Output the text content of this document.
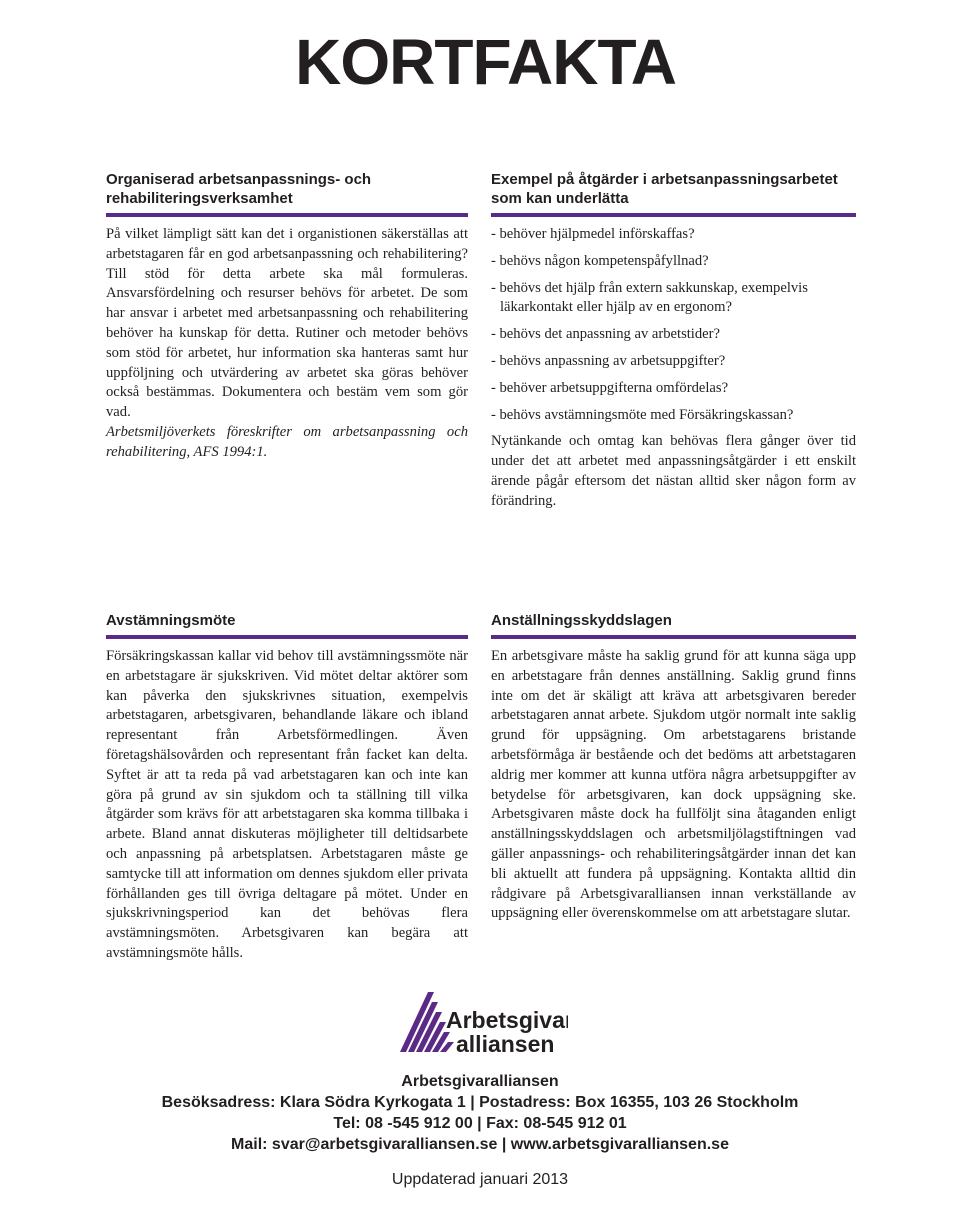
KORTFAKTA
Organiserad arbetsanpassnings- och
rehabiliteringsverksamhet

På vilket lämpligt sätt kan det i organistionen säkerställas att arbetstagaren får en god arbetsanpassning och rehabilitering? Till stöd för detta arbete ska mål formuleras. Ansvarsfördelning och resurser behövs för arbetet. De som har ansvar i arbetet med arbetsanpassning och rehabilitering behöver ha kunskap för detta. Rutiner och metoder behövs som stöd för arbetet, hur information ska hanteras samt hur uppföljning och utvärdering av arbetet ska göras behöver också bestämmas. Dokumentera och bestäm vem som gör vad.

Arbetsmiljöverkets föreskrifter om arbetsanpassning och rehabilitering, AFS 1994:1.

Exempel på åtgärder i arbetsanpassningsarbetet
som kan underlätta
- behöver hjälpmedel införskaffas?
- behövs någon kompetenspåfyllnad?
- behövs det hjälp från extern sakkunskap, exempelvis läkarkontakt eller hjälp av en ergonom?
- behövs det anpassning av arbetstider?
- behövs anpassning av arbetsuppgifter?
- behöver arbetsuppgifterna omfördelas?
- behövs avstämningsmöte med Försäkringskassan?

Nytänkande och omtag kan behövas flera gånger över tid under det att arbetet med anpassningsåtgärder i ett enskilt ärende pågår eftersom det nästan alltid sker någon form av förändring.

Avstämningsmöte

Försäkringskassan kallar vid behov till avstämningssmöte när en arbetstagare är sjukskriven. Vid mötet deltar aktörer som kan påverka den sjukskrivnes situation, exempelvis arbetstagaren, arbetsgivaren, behandlande läkare och ibland representant från Arbetsförmedlingen. Även företagshälsovården och representant från facket kan delta. Syftet är att ta reda på vad arbetstagaren kan och inte kan göra på grund av sin sjukdom och ta ställning till vilka åtgärder som krävs för att arbetstagaren ska komma tillbaka i arbete. Bland annat diskuteras möjligheter till deltidsarbete och anpassning på arbetsplatsen. Arbetstagaren måste ge samtycke till att information om dennes sjukdom eller privata förhållanden ges till övriga deltagare på mötet. Under en sjukskrivningsperiod kan det behövas flera avstämningsmöten. Arbetsgivaren kan begära att avstämningsmöte hålls.

Anställningsskyddslagen

En arbetsgivare måste ha saklig grund för att kunna säga upp en arbetstagare från dennes anställning. Saklig grund finns inte om det är skäligt att kräva att arbetsgivaren bereder arbetstagaren annat arbete. Sjukdom utgör normalt inte saklig grund för uppsägning. Om arbetstagarens bristande arbetsförmåga är bestående och det bedöms att arbetstagaren aldrig mer kommer att kunna utföra några arbetsuppgifter av betydelse för arbetsgivaren, kan dock uppsägning ske. Arbetsgivaren måste dock ha fullföljt sina åtaganden enligt anställningsskyddslagen och arbetsmiljölagstiftningen vad gäller anpassnings- och rehabiliteringsåtgärder innan det kan bli aktuellt att fundera på uppsägning. Kontakta alltid din rådgivare på Arbetsgivaralliansen innan verkställande av uppsägning eller överenskommelse om att arbetstagare slutar.

Arbetsgivar
alliansen
Arbetsgivaralliansen
Besöksadress: Klara Södra Kyrkogata 1 | Postadress: Box 16355, 103 26 Stockholm
Tel: 08 -545 912 00 | Fax: 08-545 912 01
Mail: svar@arbetsgivaralliansen.se | www.arbetsgivaralliansen.se
Uppdaterad januari 2013
